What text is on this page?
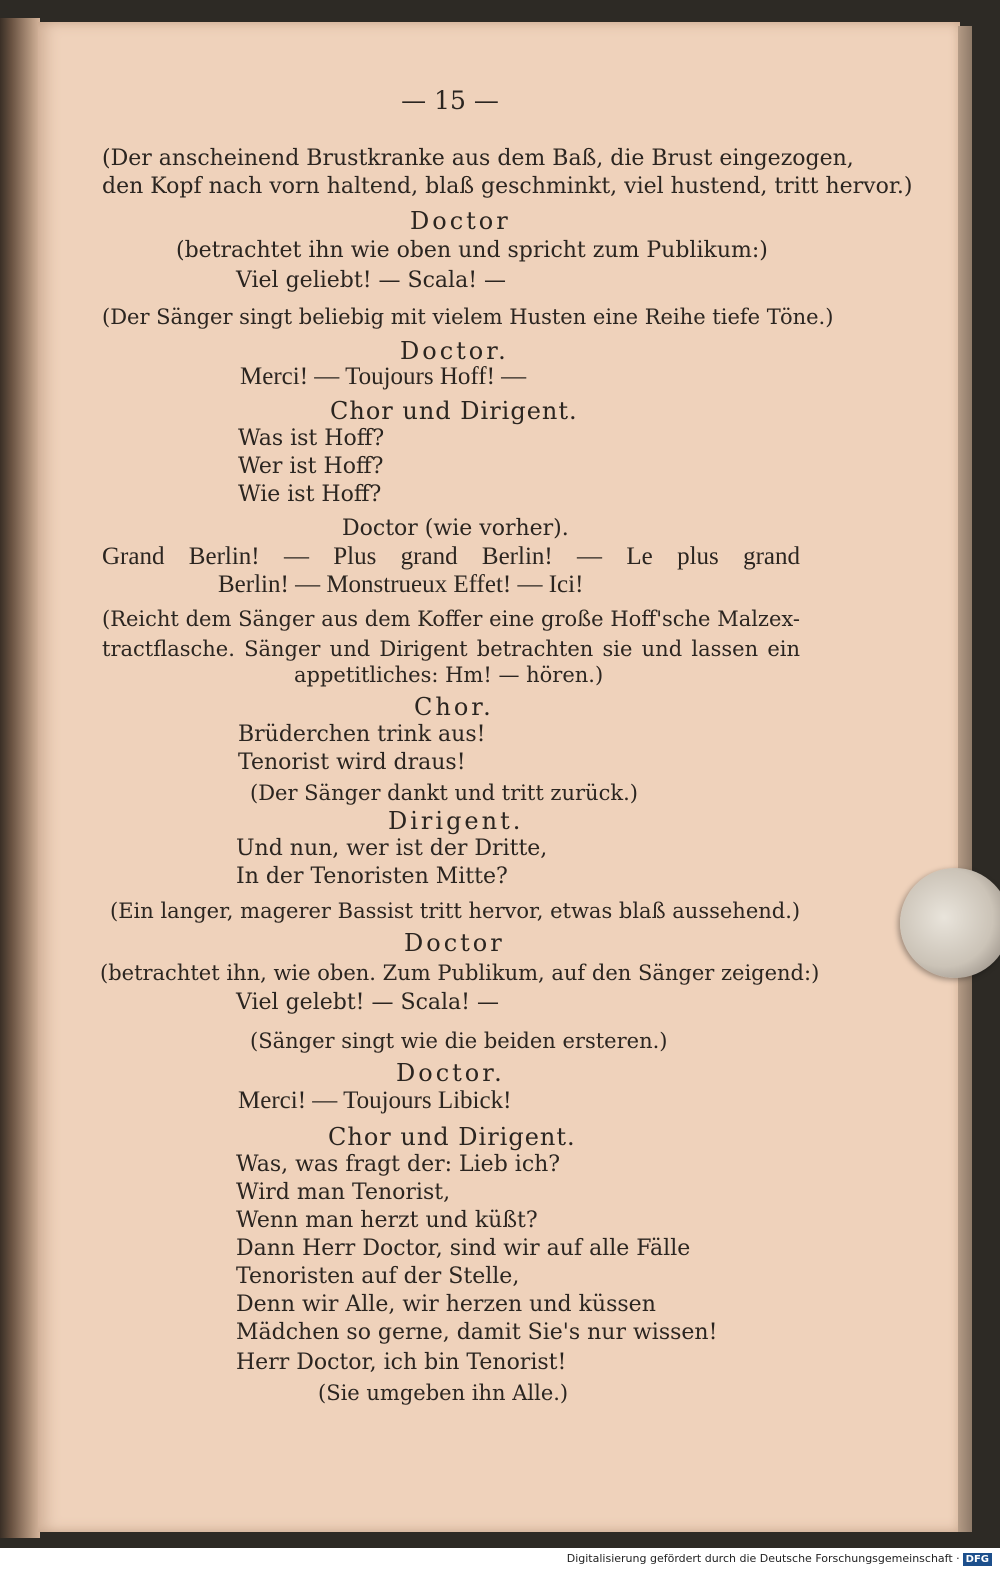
— 15 —
(Der anscheinend Brustkranke aus dem Baß, die Brust eingezogen,
den Kopf nach vorn haltend, blaß geschminkt, viel hustend, tritt hervor.)
Doctor
(betrachtet ihn wie oben und spricht zum Publikum:)
Viel geliebt! — Scala! —
(Der Sänger singt beliebig mit vielem Husten eine Reihe tiefe Töne.)
Doctor.
Merci! — Toujours Hoff! —
Chor und Dirigent.
Was ist Hoff?
Wer ist Hoff?
Wie ist Hoff?
Doctor (wie vorher).
Grand Berlin! — Plus grand Berlin! — Le plus grand
Berlin! — Monstrueux Effet! — Ici!
(Reicht dem Sänger aus dem Koffer eine große Hoff'sche Malzex-
tractflasche. Sänger und Dirigent betrachten sie und lassen ein
appetitliches: Hm! — hören.)
Chor.
Brüderchen trink aus!
Tenorist wird draus!
(Der Sänger dankt und tritt zurück.)
Dirigent.
Und nun, wer ist der Dritte,
In der Tenoristen Mitte?
(Ein langer, magerer Bassist tritt hervor, etwas blaß aussehend.)
Doctor
(betrachtet ihn, wie oben. Zum Publikum, auf den Sänger zeigend:)
Viel gelebt! — Scala! —
(Sänger singt wie die beiden ersteren.)
Doctor.
Merci! — Toujours Libick!
Chor und Dirigent.
Was, was fragt der: Lieb ich?
Wird man Tenorist,
Wenn man herzt und küßt?
Dann Herr Doctor, sind wir auf alle Fälle
Tenoristen auf der Stelle,
Denn wir Alle, wir herzen und küssen
Mädchen so gerne, damit Sie's nur wissen!
Herr Doctor, ich bin Tenorist!
(Sie umgeben ihn Alle.)
Digitalisierung gefördert durch die Deutsche Forschungsgemeinschaft · DFG
